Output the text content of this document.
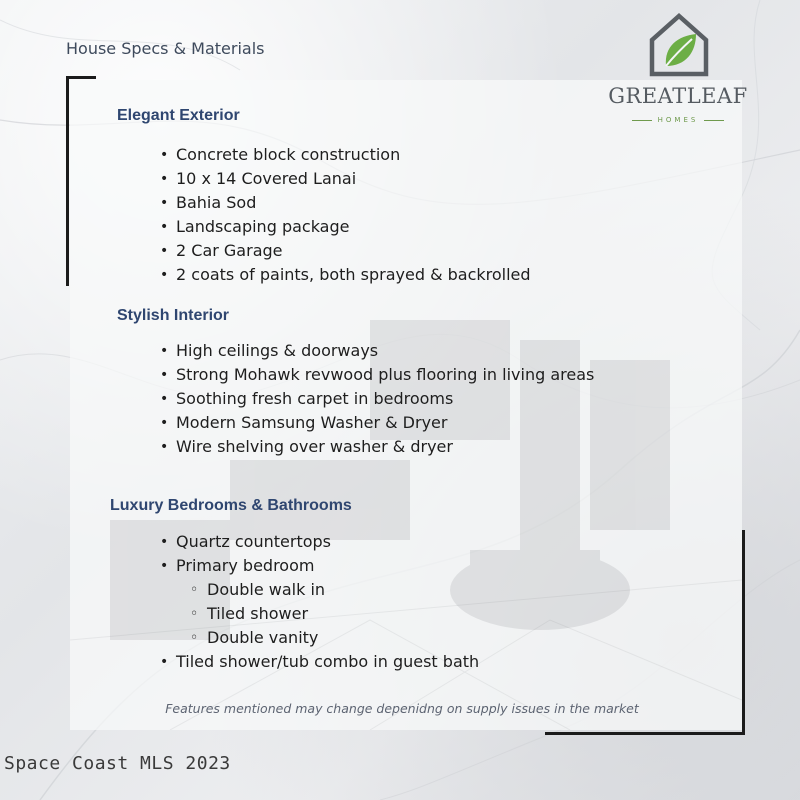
House Specs & Materials
GREATLEAF
HOMES
Elegant Exterior
• Concrete block construction
• 10 x 14 Covered Lanai
• Bahia Sod
• Landscaping package
• 2 Car Garage
• 2 coats of paints, both sprayed & backrolled
Stylish Interior
• High ceilings & doorways
• Strong Mohawk revwood plus flooring in living areas
• Soothing fresh carpet in bedrooms
• Modern Samsung Washer & Dryer
• Wire shelving over washer & dryer
Luxury Bedrooms & Bathrooms
• Quartz countertops
• Primary bedroom
◦ Double walk in
◦ Tiled shower
◦ Double vanity
• Tiled shower/tub combo in guest bath
Features mentioned may change depenidng on supply issues in the market
Space Coast MLS 2023
